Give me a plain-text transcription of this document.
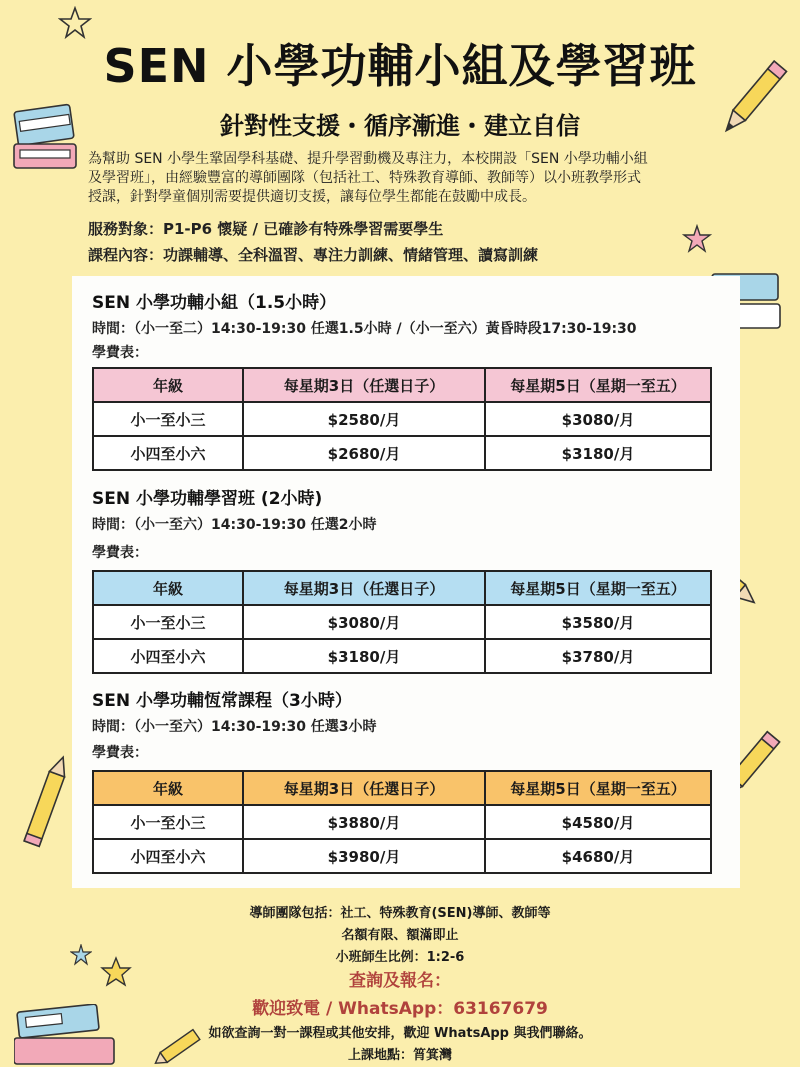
SEN 小學功輔小組及學習班
針對性支援・循序漸進・建立自信
為幫助 SEN 小學生鞏固學科基礎、提升學習動機及專注力，本校開設「SEN 小學功輔小組
及學習班」，由經驗豐富的導師團隊（包括社工、特殊教育導師、教師等）以小班教學形式
授課，針對學童個別需要提供適切支援，讓每位學生都能在鼓勵中成長。
服務對象：P1-P6 懷疑 / 已確診有特殊學習需要學生
課程內容：功課輔導、全科溫習、專注力訓練、情緒管理、讀寫訓練
SEN 小學功輔小組（1.5小時）
時間：（小一至二）14:30-19:30 任選1.5小時 /（小一至六）黃昏時段17:30-19:30
學費表：
年級	每星期3日（任選日子）	每星期5日（星期一至五）
小一至小三	$2580/月	$3080/月
小四至小六	$2680/月	$3180/月
SEN 小學功輔學習班 (2小時)
時間：（小一至六）14:30-19:30 任選2小時
學費表：
年級	每星期3日（任選日子）	每星期5日（星期一至五）
小一至小三	$3080/月	$3580/月
小四至小六	$3180/月	$3780/月
SEN 小學功輔恆常課程（3小時）
時間：（小一至六）14:30-19:30 任選3小時
學費表：
年級	每星期3日（任選日子）	每星期5日（星期一至五）
小一至小三	$3880/月	$4580/月
小四至小六	$3980/月	$4680/月
導師團隊包括：社工、特殊教育(SEN)導師、教師等
名額有限、額滿即止
小班師生比例：1:2-6
查詢及報名：
歡迎致電 / WhatsApp：63167679
如欲查詢一對一課程或其他安排，歡迎 WhatsApp 與我們聯絡。
上課地點：筲箕灣
